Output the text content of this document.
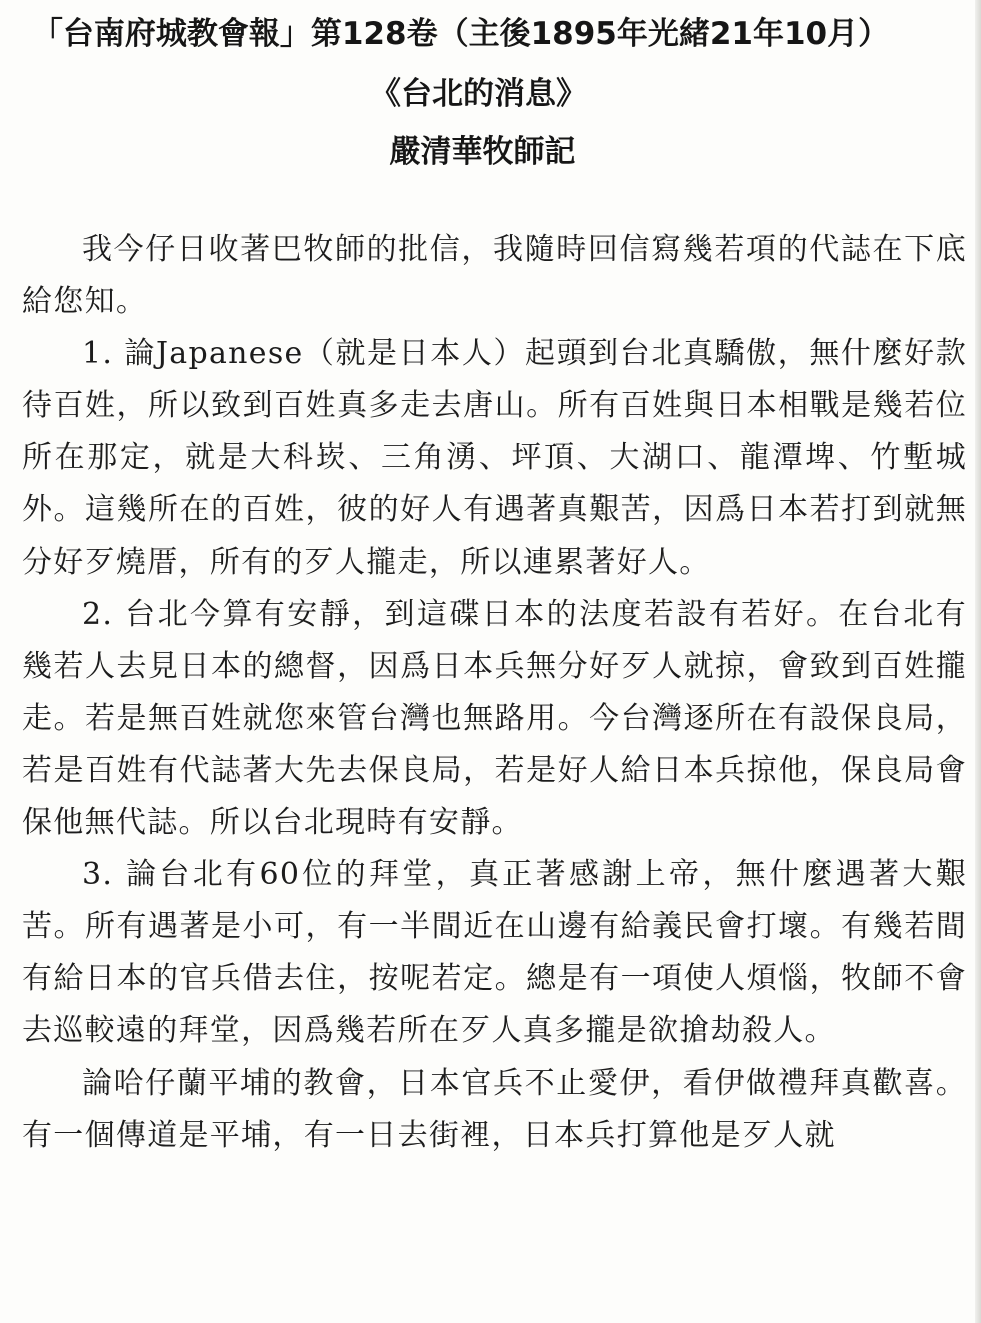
「台南府城教會報」第128卷（主後1895年光緒21年10月）
《台北的消息》
嚴清華牧師記

我今仔日收著巴牧師的批信，我隨時回信寫幾若項的代誌在下底給您知。

1. 論Japanese（就是日本人）起頭到台北真驕傲，無什麼好款待百姓，所以致到百姓真多走去唐山。所有百姓與日本相戰是幾若位所在那定，就是大科崁、三角湧、坪頂、大湖口、龍潭埤、竹塹城外。這幾所在的百姓，彼的好人有遇著真艱苦，因爲日本若打到就無分好歹燒厝，所有的歹人攏走，所以連累著好人。

2. 台北今算有安靜，到這碟日本的法度若設有若好。在台北有幾若人去見日本的總督，因爲日本兵無分好歹人就掠，會致到百姓攏走。若是無百姓就您來管台灣也無路用。今台灣逐所在有設保良局，若是百姓有代誌著大先去保良局，若是好人給日本兵掠他，保良局會保他無代誌。所以台北現時有安靜。

3. 論台北有60位的拜堂，真正著感謝上帝，無什麼遇著大艱苦。所有遇著是小可，有一半間近在山邊有給義民會打壞。有幾若間有給日本的官兵借去住，按呢若定。總是有一項使人煩惱，牧師不會去巡較遠的拜堂，因爲幾若所在歹人真多攏是欲搶劫殺人。

論哈仔蘭平埔的教會，日本官兵不止愛伊，看伊做禮拜真歡喜。有一個傳道是平埔，有一日去街裡，日本兵打算他是歹人就
